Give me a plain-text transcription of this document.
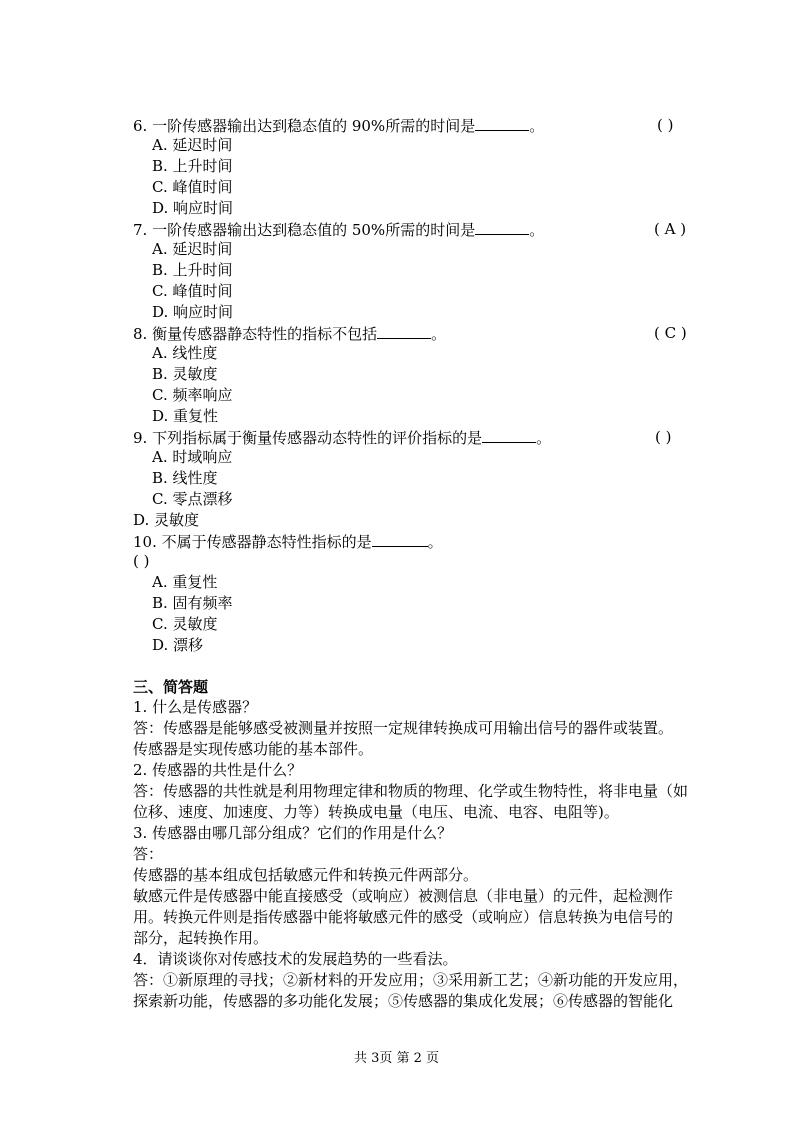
6. 一阶传感器输出达到稳态值的 90%所需的时间是	。	( )
A. 延迟时间
B. 上升时间
C. 峰值时间
D. 响应时间
7. 一阶传感器输出达到稳态值的 50%所需的时间是	。	( A )
A. 延迟时间
B. 上升时间
C. 峰值时间
D. 响应时间
8. 衡量传感器静态特性的指标不包括	。	( C )
A. 线性度
B. 灵敏度
C. 频率响应
D. 重复性
9. 下列指标属于衡量传感器动态特性的评价指标的是	。	( )
A. 时域响应
B. 线性度
C. 零点漂移
D. 灵敏度
10. 不属于传感器静态特性指标的是	。
( )
A. 重复性
B. 固有频率
C. 灵敏度
D. 漂移
三、简答题
1. 什么是传感器？
答：传感器是能够感受被测量并按照一定规律转换成可用输出信号的器件或装置。
传感器是实现传感功能的基本部件。
2. 传感器的共性是什么？
答：传感器的共性就是利用物理定律和物质的物理、化学或生物特性，将非电量（如
位移、速度、加速度、力等）转换成电量（电压、电流、电容、电阻等)。
3. 传感器由哪几部分组成？它们的作用是什么？
答：
传感器的基本组成包括敏感元件和转换元件两部分。
敏感元件是传感器中能直接感受（或响应）被测信息（非电量）的元件，起检测作
用。转换元件则是指传感器中能将敏感元件的感受（或响应）信息转换为电信号的
部分，起转换作用。
4．请谈谈你对传感技术的发展趋势的一些看法。
答：①新原理的寻找；②新材料的开发应用；③采用新工艺；④新功能的开发应用，
探索新功能，传感器的多功能化发展；⑤传感器的集成化发展；⑥传感器的智能化
共 3页 第 2 页
